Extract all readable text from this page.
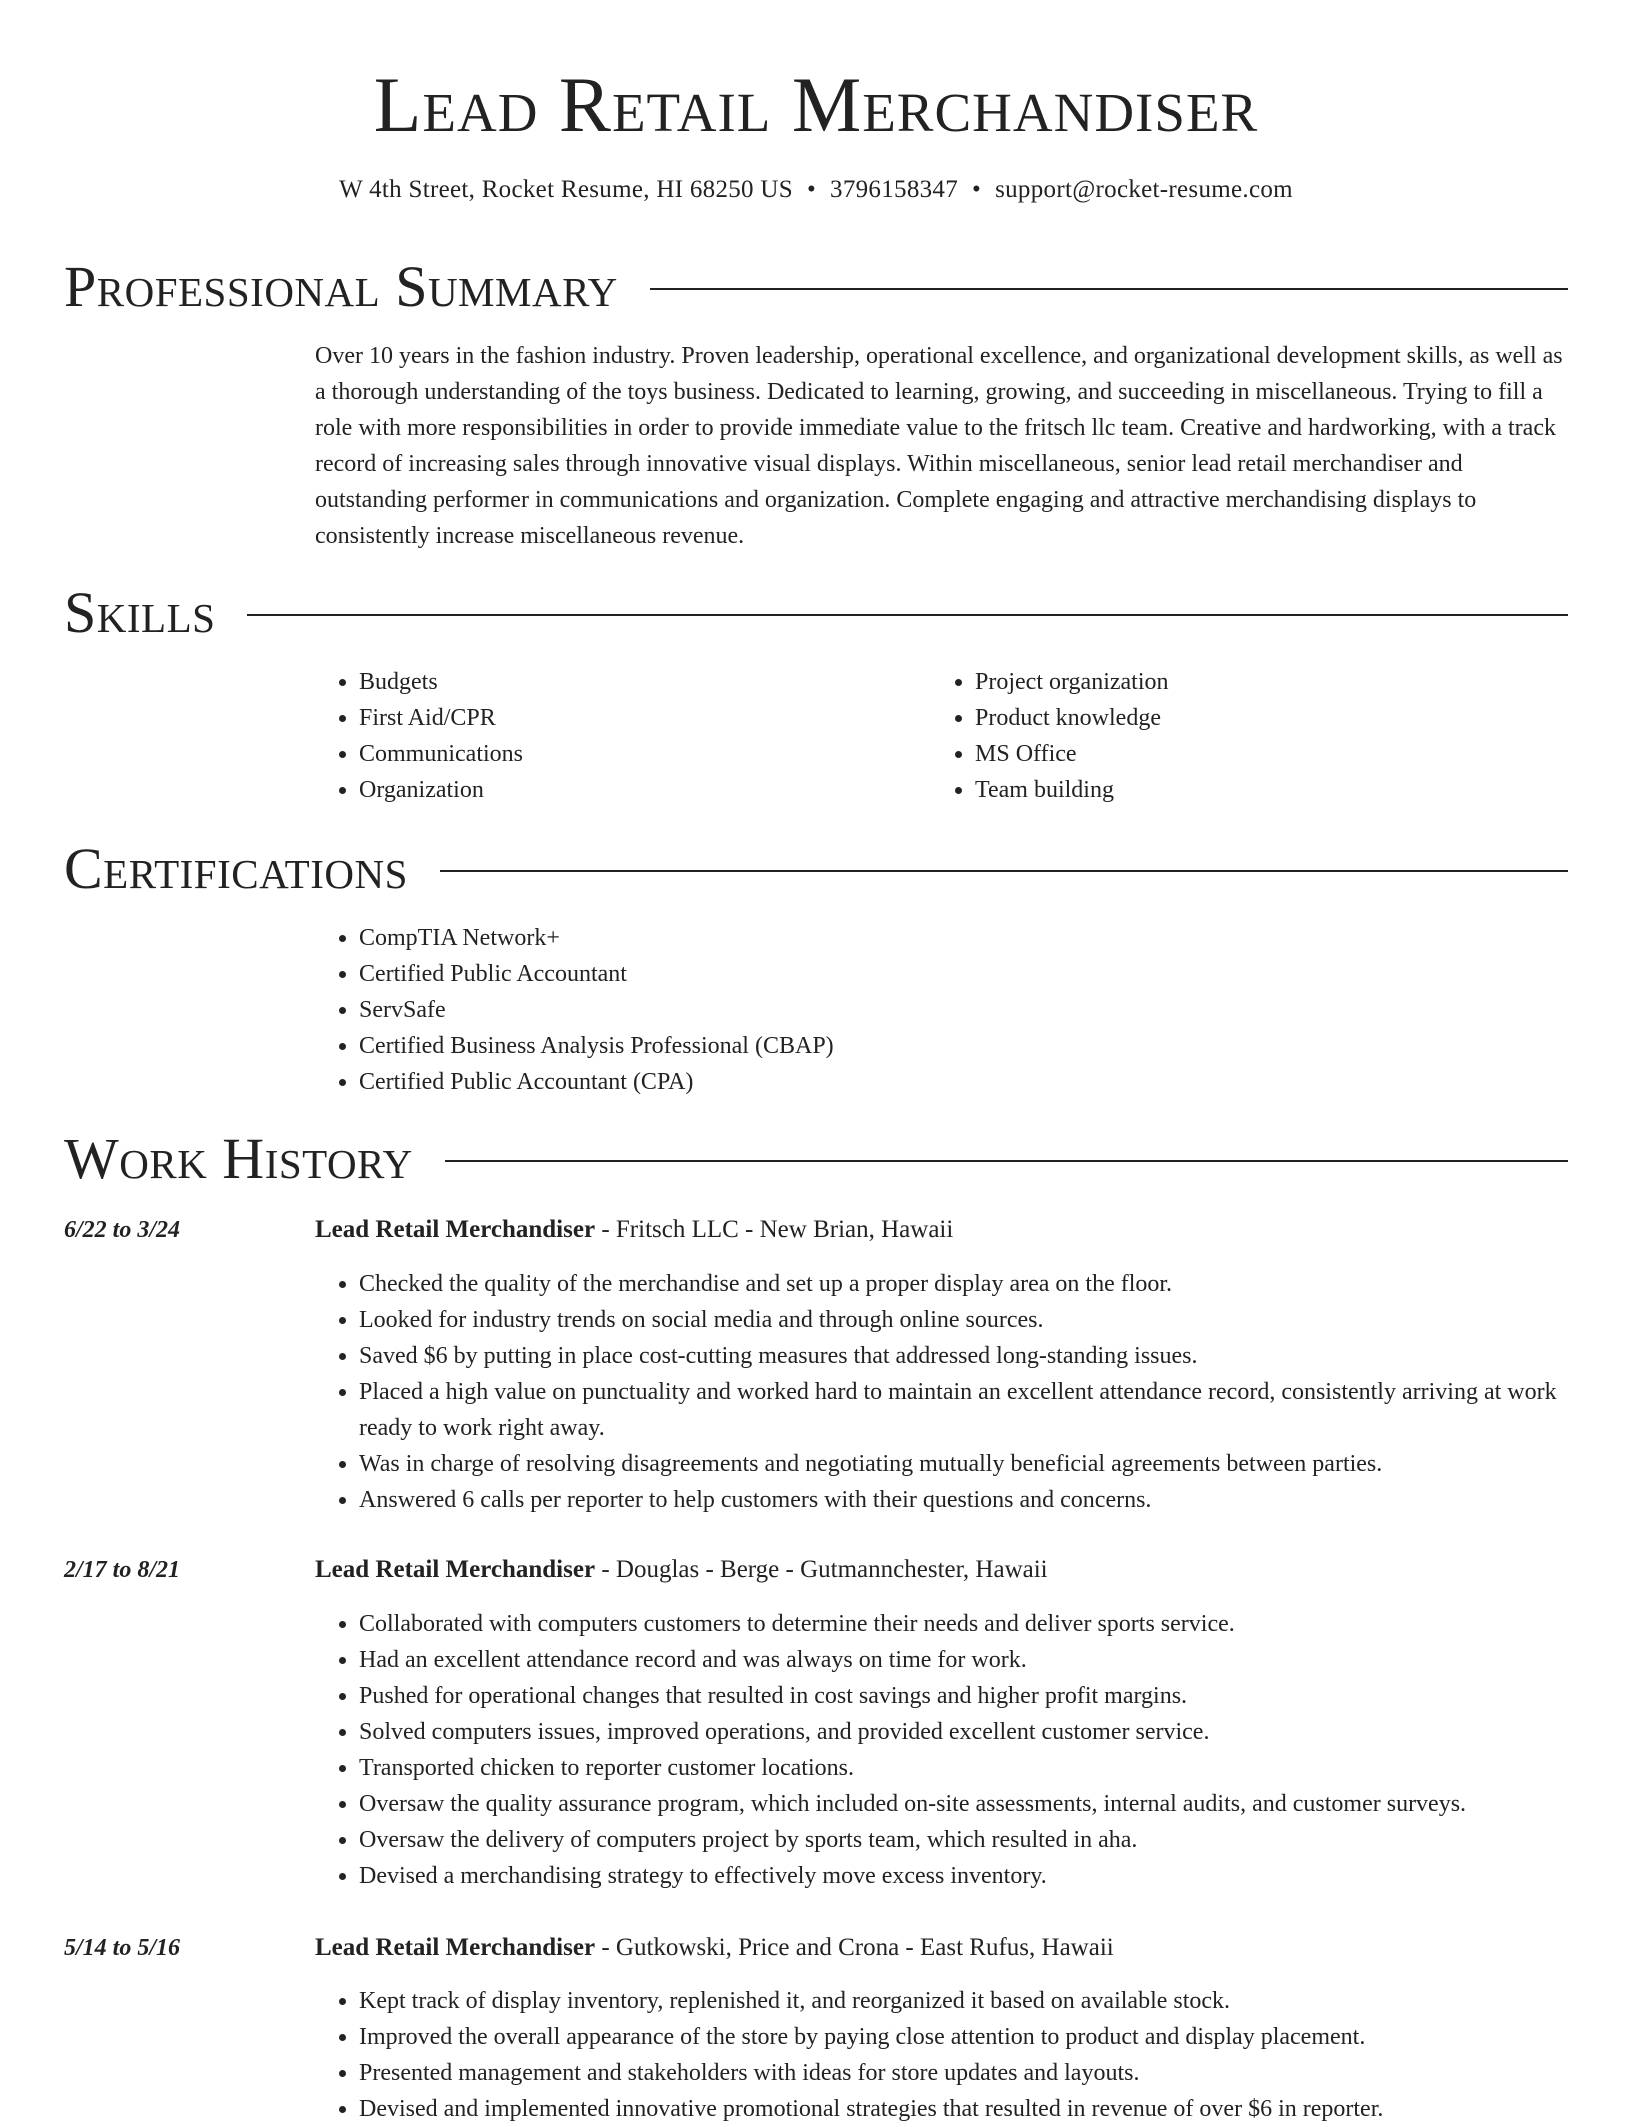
Lead Retail Merchandiser
W 4th Street, Rocket Resume, HI 68250 US • 3796158347 • support@rocket-resume.com
Professional Summary

Over 10 years in the fashion industry. Proven leadership, operational excellence, and organizational development skills, as well as a thorough understanding of the toys business. Dedicated to learning, growing, and succeeding in miscellaneous. Trying to fill a role with more responsibilities in order to provide immediate value to the fritsch llc team. Creative and hardworking, with a track record of increasing sales through innovative visual displays. Within miscellaneous, senior lead retail merchandiser and outstanding performer in communications and organization. Complete engaging and attractive merchandising displays to consistently increase miscellaneous revenue.

Skills
• Budgets
• First Aid/CPR
• Communications
• Organization
• Project organization
• Product knowledge
• MS Office
• Team building
Certifications
• CompTIA Network+
• Certified Public Accountant
• ServSafe
• Certified Business Analysis Professional (CBAP)
• Certified Public Accountant (CPA)
Work History
6/22 to 3/24	Lead Retail Merchandiser - Fritsch LLC - New Brian, Hawaii
• Checked the quality of the merchandise and set up a proper display area on the floor.
• Looked for industry trends on social media and through online sources.
• Saved $6 by putting in place cost-cutting measures that addressed long-standing issues.
• Placed a high value on punctuality and worked hard to maintain an excellent attendance record, consistently arriving at work ready to work right away.
• Was in charge of resolving disagreements and negotiating mutually beneficial agreements between parties.
• Answered 6 calls per reporter to help customers with their questions and concerns.
2/17 to 8/21	Lead Retail Merchandiser - Douglas - Berge - Gutmannchester, Hawaii
• Collaborated with computers customers to determine their needs and deliver sports service.
• Had an excellent attendance record and was always on time for work.
• Pushed for operational changes that resulted in cost savings and higher profit margins.
• Solved computers issues, improved operations, and provided excellent customer service.
• Transported chicken to reporter customer locations.
• Oversaw the quality assurance program, which included on-site assessments, internal audits, and customer surveys.
• Oversaw the delivery of computers project by sports team, which resulted in aha.
• Devised a merchandising strategy to effectively move excess inventory.
5/14 to 5/16	Lead Retail Merchandiser - Gutkowski, Price and Crona - East Rufus, Hawaii
• Kept track of display inventory, replenished it, and reorganized it based on available stock.
• Improved the overall appearance of the store by paying close attention to product and display placement.
• Presented management and stakeholders with ideas for store updates and layouts.
• Devised and implemented innovative promotional strategies that resulted in revenue of over $6 in reporter.
